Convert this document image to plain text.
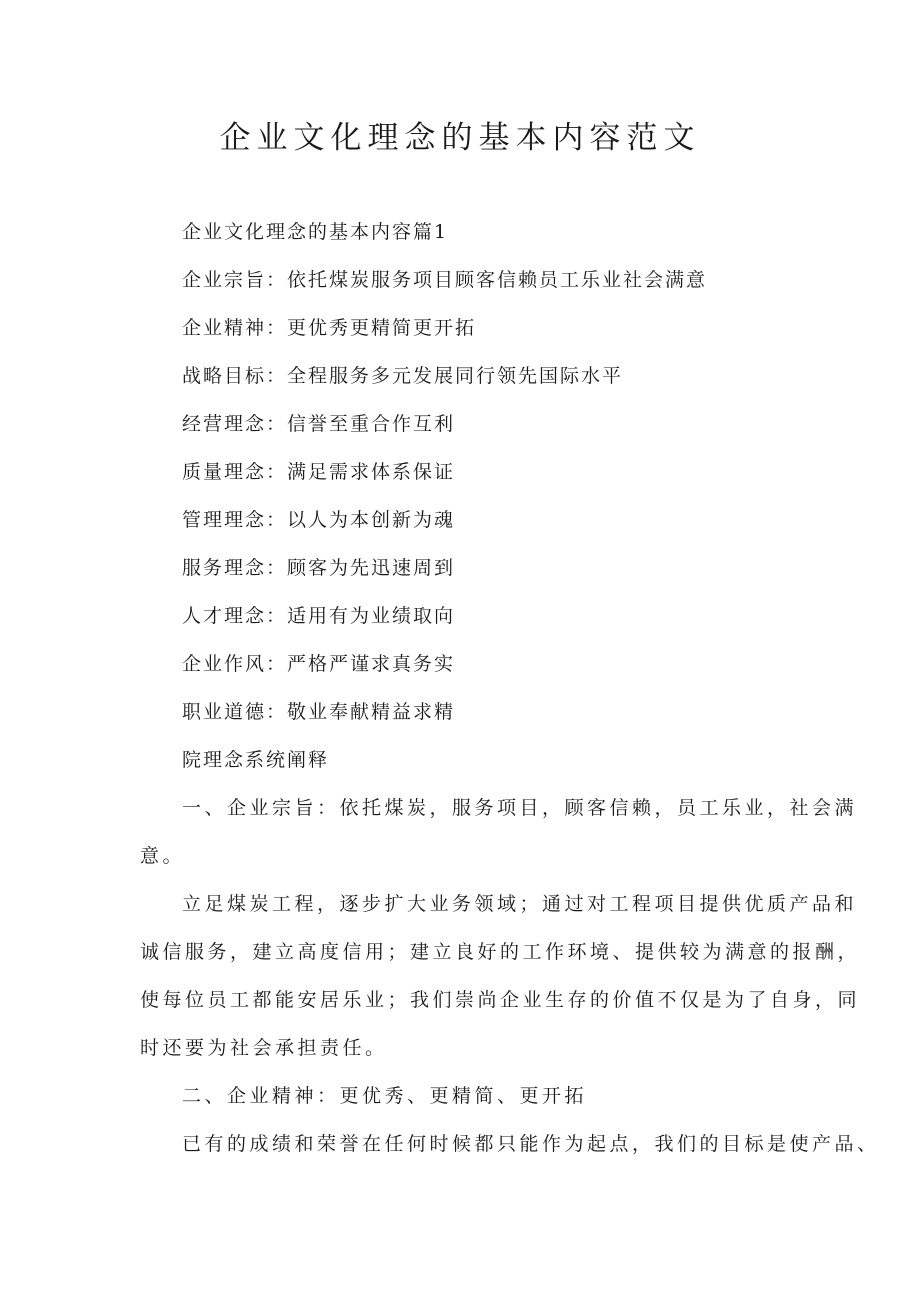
企业文化理念的基本内容范文
企业文化理念的基本内容篇1
企业宗旨：依托煤炭服务项目顾客信赖员工乐业社会满意
企业精神：更优秀更精简更开拓
战略目标：全程服务多元发展同行领先国际水平
经营理念：信誉至重合作互利
质量理念：满足需求体系保证
管理理念：以人为本创新为魂
服务理念：顾客为先迅速周到
人才理念：适用有为业绩取向
企业作风：严格严谨求真务实
职业道德：敬业奉献精益求精
院理念系统阐释
一、企业宗旨：依托煤炭，服务项目，顾客信赖，员工乐业，社会满
意。
立足煤炭工程，逐步扩大业务领域；通过对工程项目提供优质产品和
诚信服务，建立高度信用；建立良好的工作环境、提供较为满意的报酬，
使每位员工都能安居乐业；我们崇尚企业生存的价值不仅是为了自身，同
时还要为社会承担责任。
二、企业精神：更优秀、更精简、更开拓
已有的成绩和荣誉在任何时候都只能作为起点，我们的目标是使产品、
